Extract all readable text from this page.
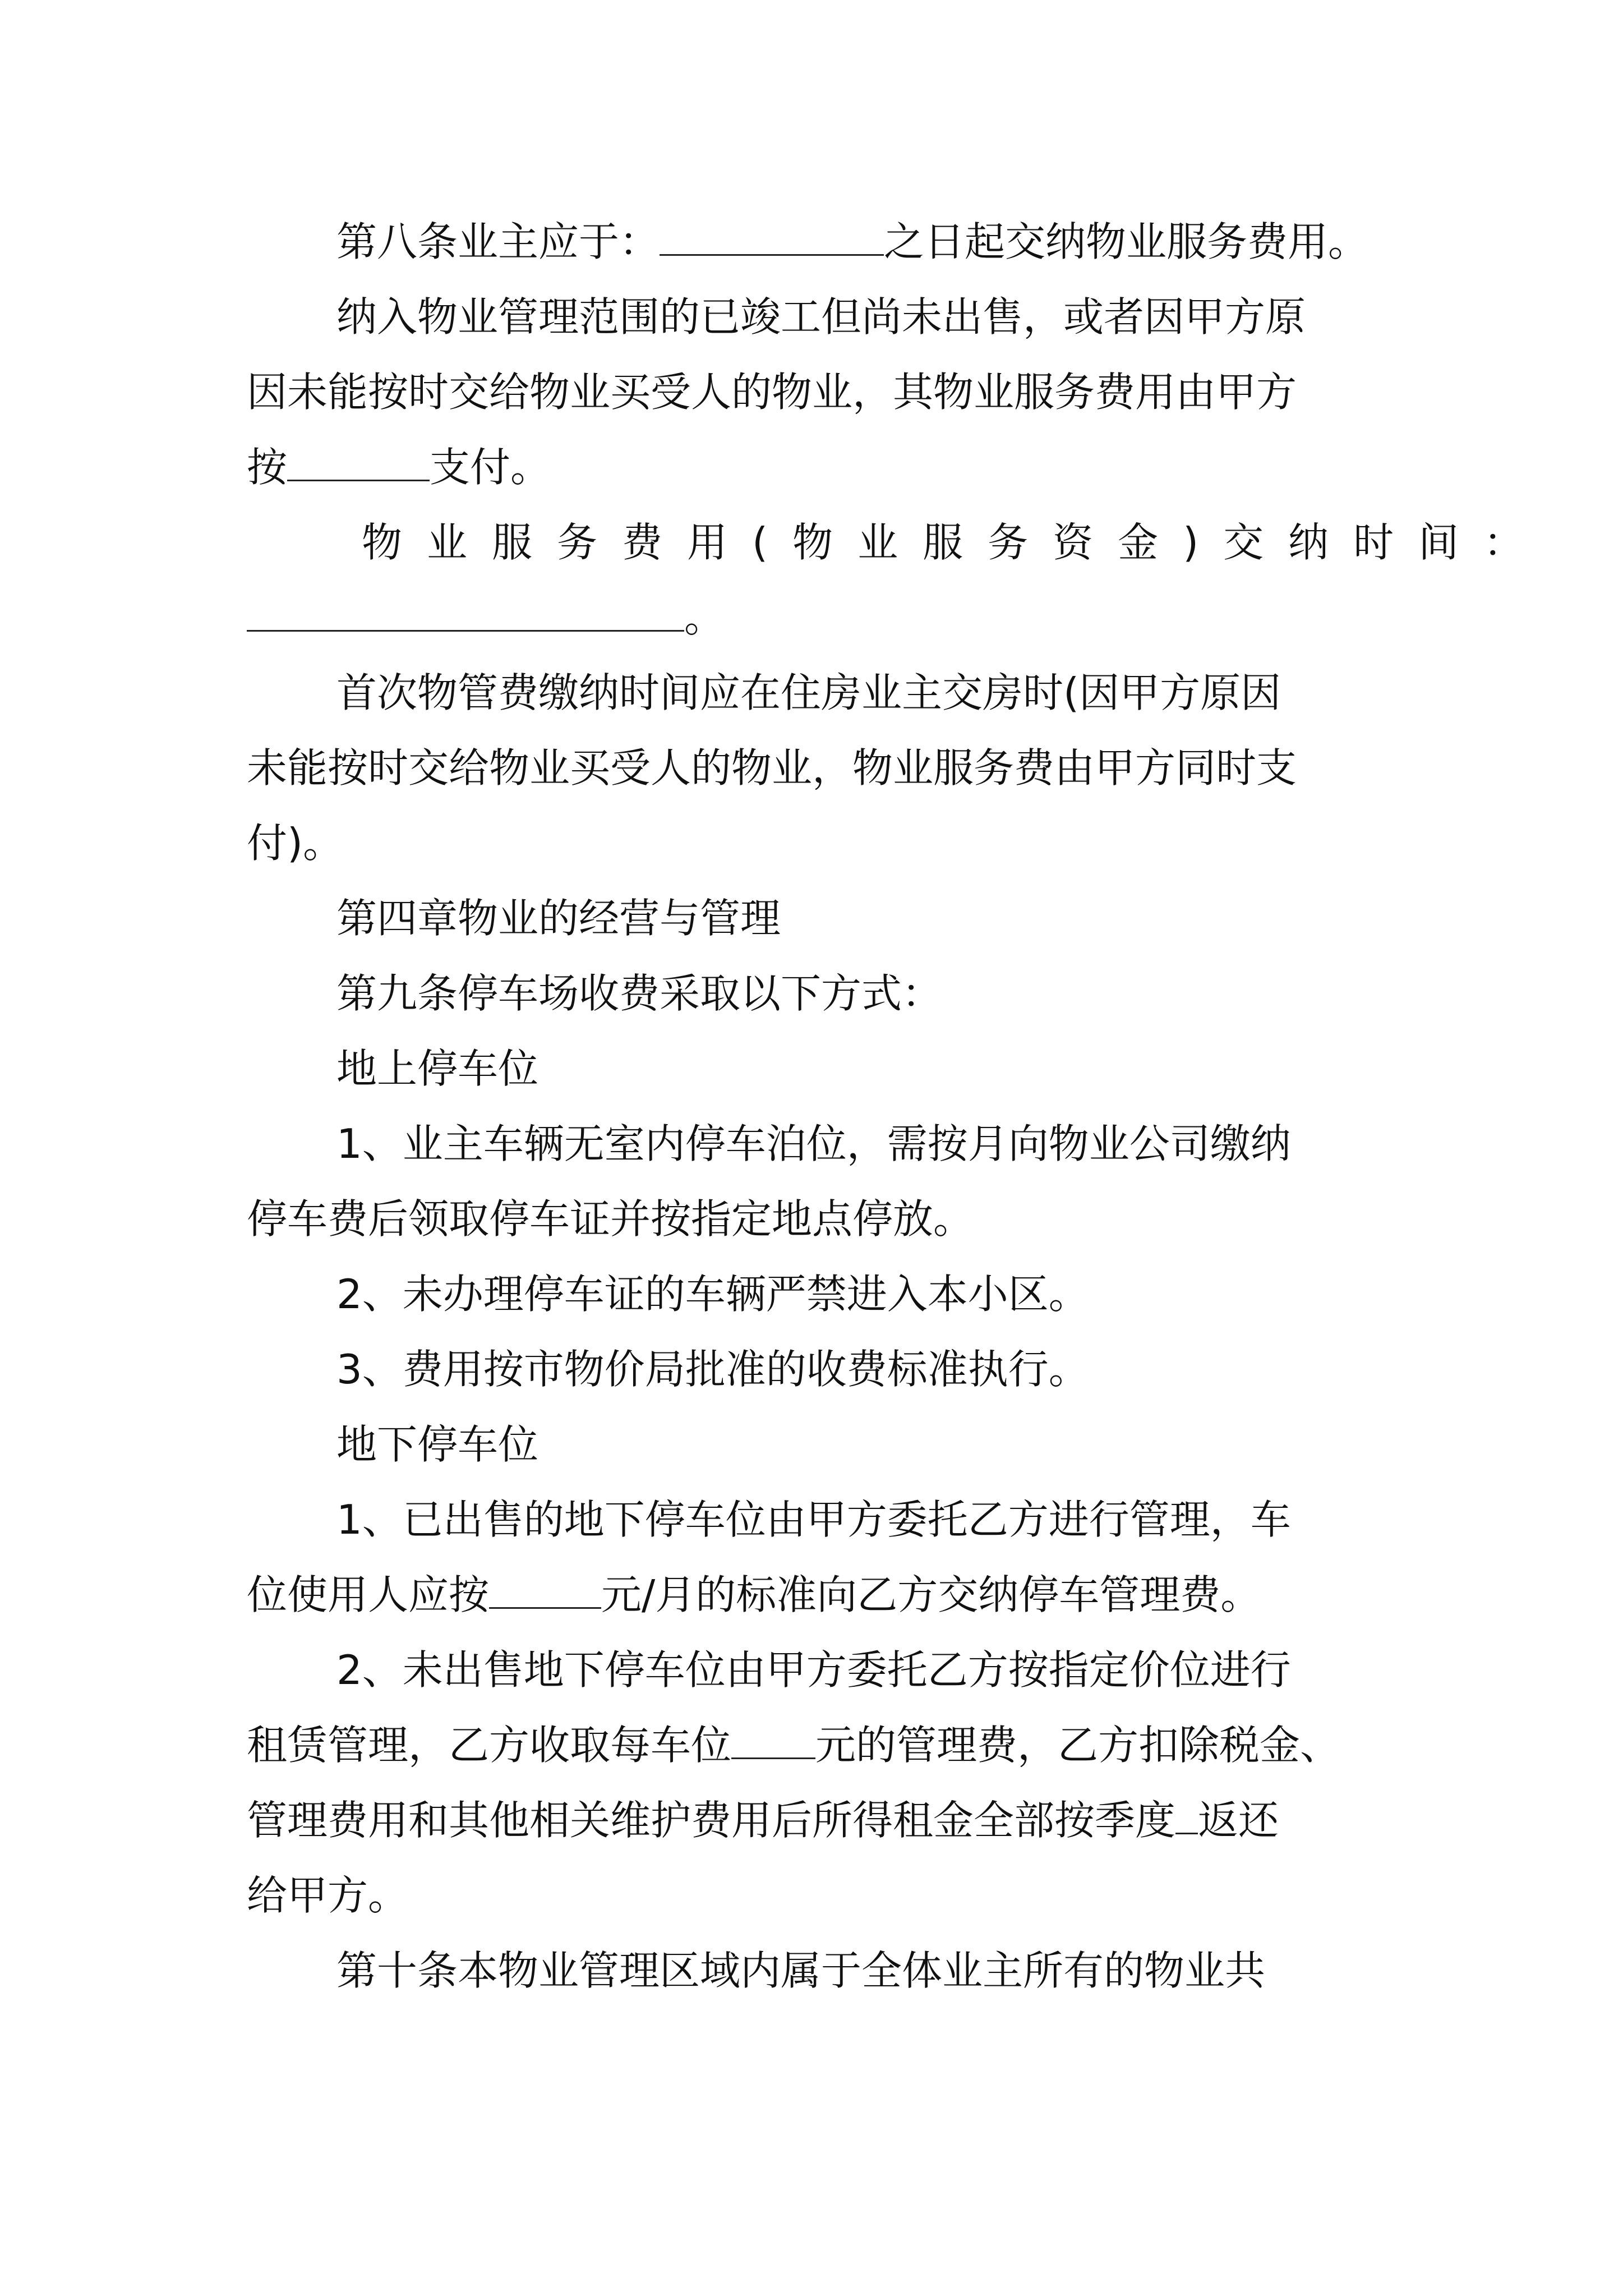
第八条业主应于：	之日起交纳物业服务费用。
纳入物业管理范围的已竣工但尚未出售，或者因甲方原
因未能按时交给物业买受人的物业，其物业服务费用由甲方
按	支付。
物业服务费用(物业服务资金)交纳时间：
。
首次物管费缴纳时间应在住房业主交房时(因甲方原因
未能按时交给物业买受人的物业，物业服务费由甲方同时支
付)。
第四章物业的经营与管理
第九条停车场收费采取以下方式：
地上停车位
1、业主车辆无室内停车泊位，需按月向物业公司缴纳
停车费后领取停车证并按指定地点停放。
2、未办理停车证的车辆严禁进入本小区。
3、费用按市物价局批准的收费标准执行。
地下停车位
1、已出售的地下停车位由甲方委托乙方进行管理，车
位使用人应按	元/月的标准向乙方交纳停车管理费。
2、未出售地下停车位由甲方委托乙方按指定价位进行
租赁管理，乙方收取每车位 元的管理费，乙方扣除税金、
管理费用和其他相关维护费用后所得租金全部按季度 返还
给甲方。
第十条本物业管理区域内属于全体业主所有的物业共
